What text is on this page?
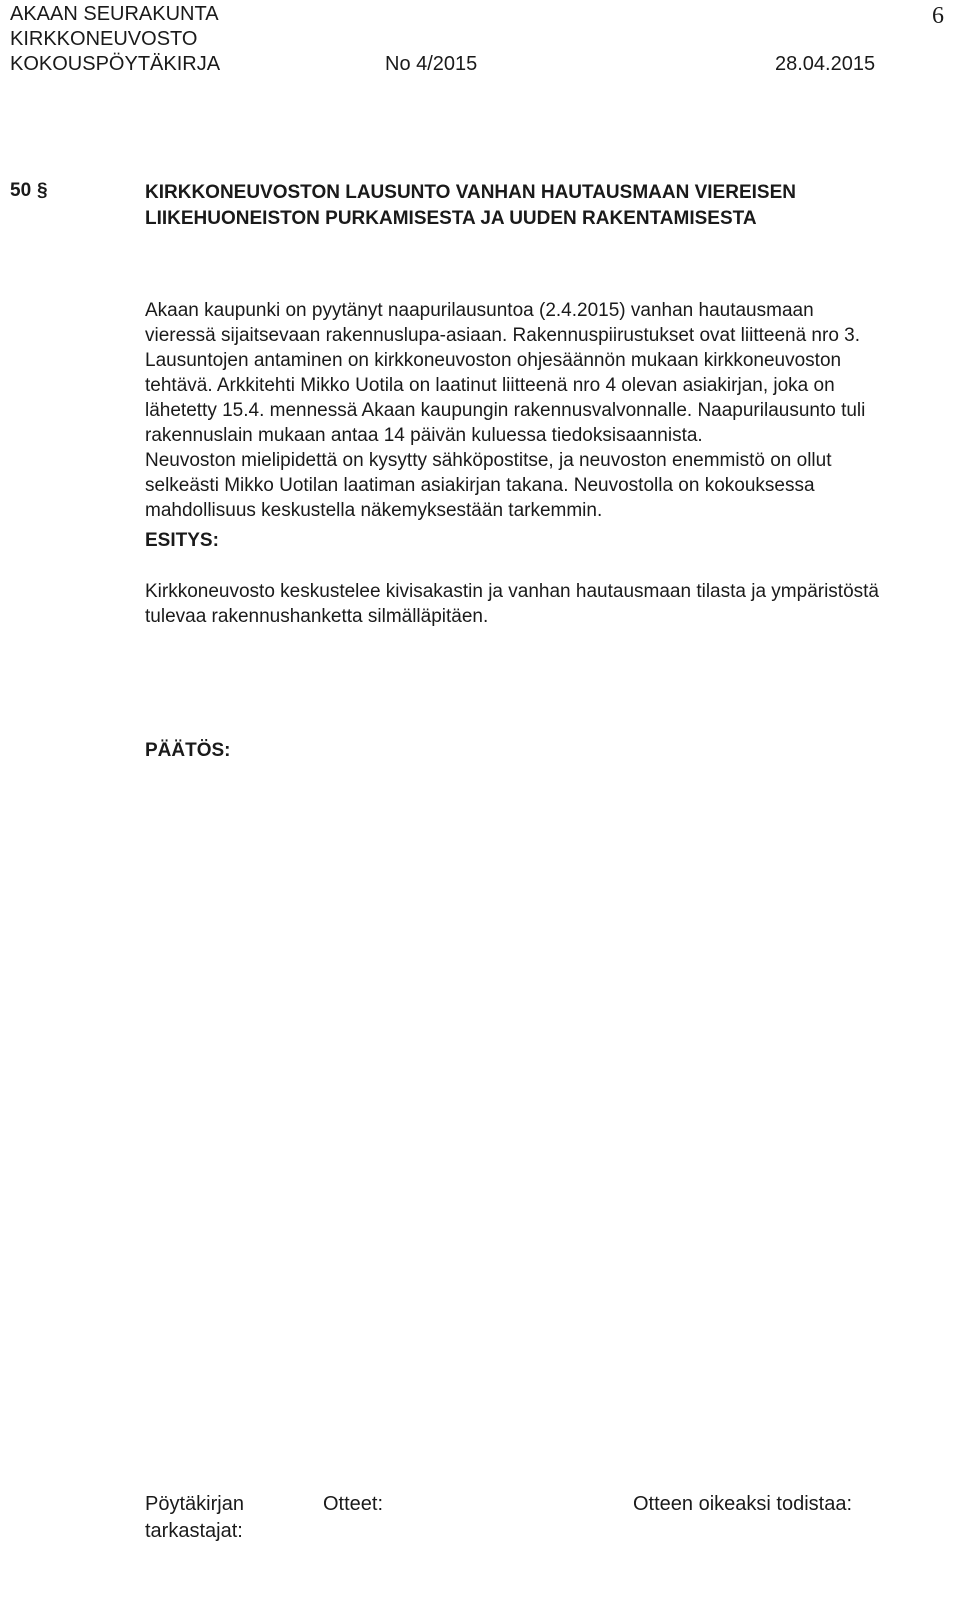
AKAAN SEURAKUNTA
KIRKKONEUVOSTO
KOKOUSPÖYTÄKIRJA	No 4/2015	28.04.2015
6
50 §	KIRKKONEUVOSTON LAUSUNTO VANHAN HAUTAUSMAAN VIEREISEN
LIIKEHUONEISTON PURKAMISESTA JA UUDEN RAKENTAMISESTA
Akaan kaupunki on pyytänyt naapurilausuntoa (2.4.2015) vanhan hautausmaan
vieressä sijaitsevaan rakennuslupa-asiaan. Rakennuspiirustukset ovat liitteenä nro 3.
Lausuntojen antaminen on kirkkoneuvoston ohjesäännön mukaan kirkkoneuvoston
tehtävä. Arkkitehti Mikko Uotila on laatinut liitteenä nro 4 olevan asiakirjan, joka on
lähetetty 15.4. mennessä Akaan kaupungin rakennusvalvonnalle. Naapurilausunto tuli
rakennuslain mukaan antaa 14 päivän kuluessa tiedoksisaannista.
Neuvoston mielipidettä on kysytty sähköpostitse, ja neuvoston enemmistö on ollut
selkeästi Mikko Uotilan laatiman asiakirjan takana. Neuvostolla on kokouksessa
mahdollisuus keskustella näkemyksestään tarkemmin.
ESITYS:
Kirkkoneuvosto keskustelee kivisakastin ja vanhan hautausmaan tilasta ja ympäristöstä
tulevaa rakennushanketta silmälläpitäen.
PÄÄTÖS:
Pöytäkirjan
tarkastajat:
Otteet:	Otteen oikeaksi todistaa:
